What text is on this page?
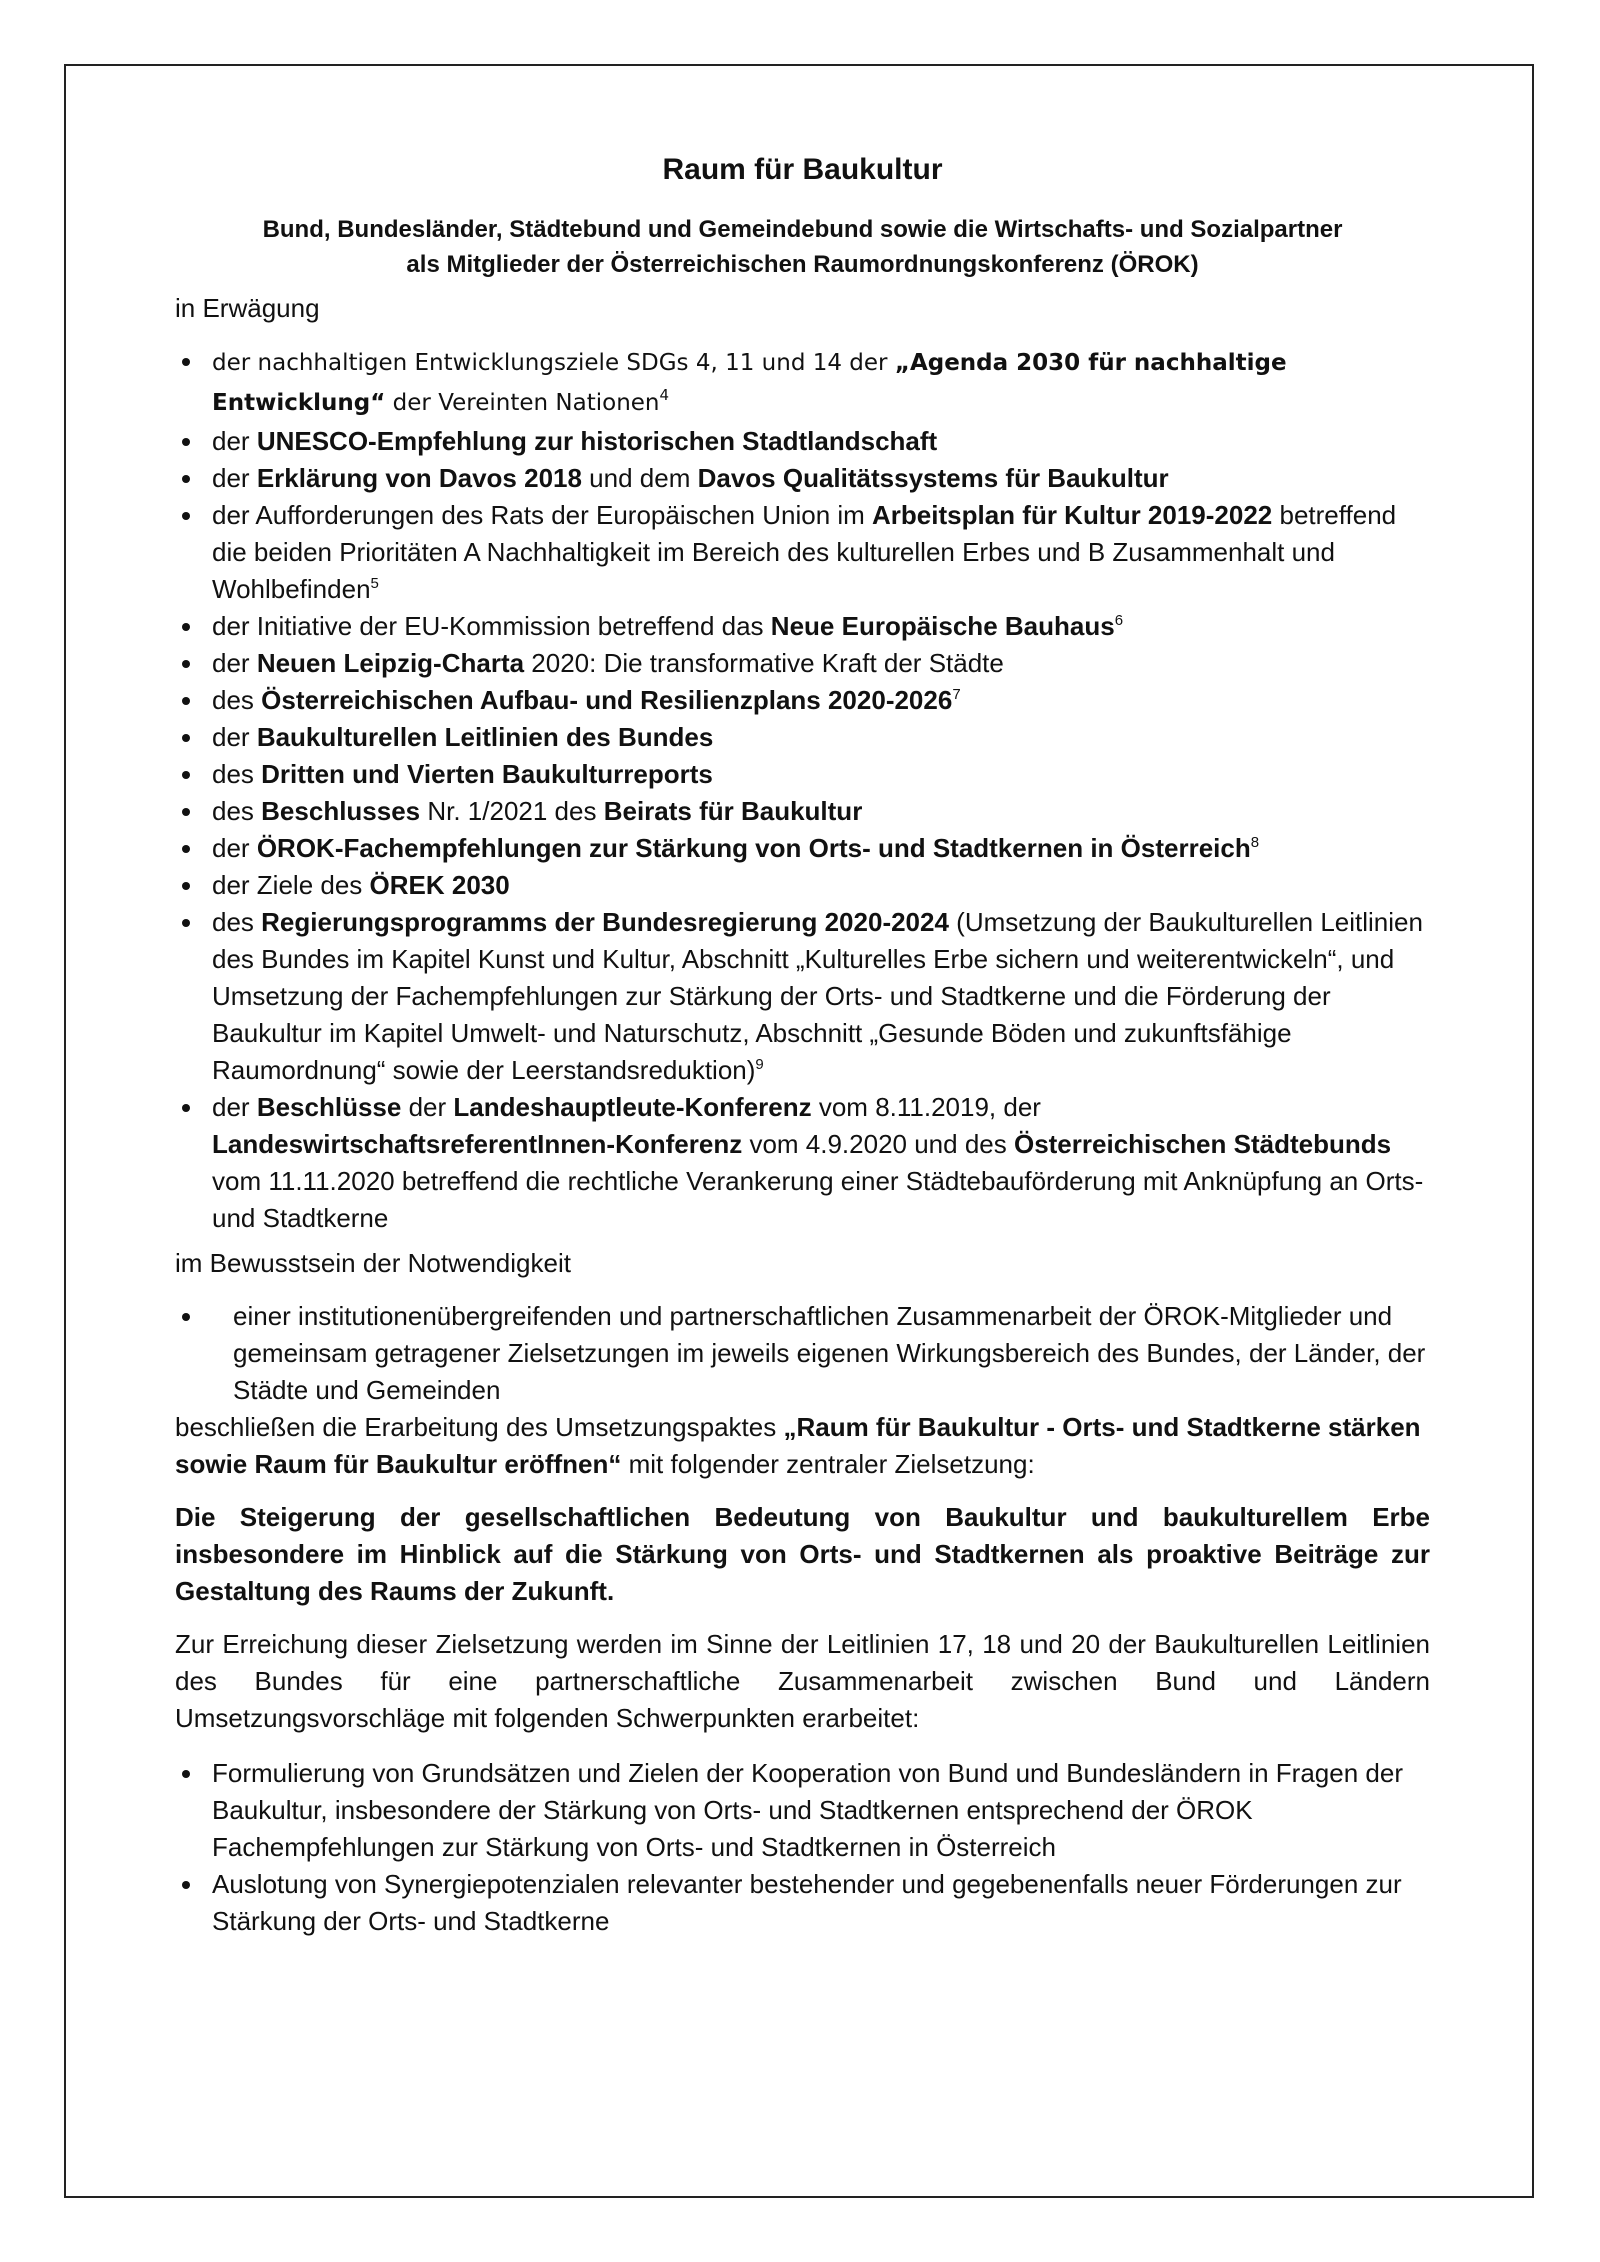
Raum für Baukultur
Bund, Bundesländer, Städtebund und Gemeindebund sowie die Wirtschafts- und Sozialpartner
als Mitglieder der Österreichischen Raumordnungskonferenz (ÖROK)

in Erwägung

der nachhaltigen Entwicklungsziele SDGs 4, 11 und 14 der „Agenda 2030 für nachhaltige Entwicklung“ der Vereinten Nationen$^4$
der UNESCO-Empfehlung zur historischen Stadtlandschaft
der Erklärung von Davos 2018 und dem Davos Qualitätssystems für Baukultur
der Aufforderungen des Rats der Europäischen Union im Arbeitsplan für Kultur 2019-2022 betreffend die beiden Prioritäten A Nachhaltigkeit im Bereich des kulturellen Erbes und B Zusammenhalt und Wohlbefinden$^5$
der Initiative der EU-Kommission betreffend das Neue Europäische Bauhaus$^6$
der Neuen Leipzig-Charta 2020: Die transformative Kraft der Städte
des Österreichischen Aufbau- und Resilienzplans 2020-2026$^7$
der Baukulturellen Leitlinien des Bundes
des Dritten und Vierten Baukulturreports
des Beschlusses Nr. 1/2021 des Beirats für Baukultur
der ÖROK-Fachempfehlungen zur Stärkung von Orts- und Stadtkernen in Österreich$^8$
der Ziele des ÖREK 2030
des Regierungsprogramms der Bundesregierung 2020-2024 (Umsetzung der Baukulturellen Leitlinien des Bundes im Kapitel Kunst und Kultur, Abschnitt „Kulturelles Erbe sichern und weiterentwickeln“, und Umsetzung der Fachempfehlungen zur Stärkung der Orts- und Stadtkerne und die Förderung der Baukultur im Kapitel Umwelt- und Naturschutz, Abschnitt „Gesunde Böden und zukunftsfähige Raumordnung“ sowie der Leerstandsreduktion)$^9$
der Beschlüsse der Landeshauptleute-Konferenz vom 8.11.2019, der LandeswirtschaftsreferentInnen-Konferenz vom 4.9.2020 und des Österreichischen Städtebunds vom 11.11.2020 betreffend die rechtliche Verankerung einer Städtebauförderung mit Anknüpfung an Orts- und Stadtkerne

im Bewusstsein der Notwendigkeit

einer institutionenübergreifenden und partnerschaftlichen Zusammenarbeit der ÖROK-Mitglieder und gemeinsam getragener Zielsetzungen im jeweils eigenen Wirkungsbereich des Bundes, der Länder, der Städte und Gemeinden

beschließen die Erarbeitung des Umsetzungspaktes „Raum für Baukultur - Orts- und Stadtkerne stärken sowie Raum für Baukultur eröffnen“ mit folgender zentraler Zielsetzung:

Die Steigerung der gesellschaftlichen Bedeutung von Baukultur und baukulturellem Erbe insbesondere im Hinblick auf die Stärkung von Orts- und Stadtkernen als proaktive Beiträge zur Gestaltung des Raums der Zukunft.

Zur Erreichung dieser Zielsetzung werden im Sinne der Leitlinien 17, 18 und 20 der Baukulturellen Leitlinien des Bundes für eine partnerschaftliche Zusammenarbeit zwischen Bund und Ländern Umsetzungsvorschläge mit folgenden Schwerpunkten erarbeitet:

Formulierung von Grundsätzen und Zielen der Kooperation von Bund und Bundesländern in Fragen der Baukultur, insbesondere der Stärkung von Orts- und Stadtkernen entsprechend der ÖROK Fachempfehlungen zur Stärkung von Orts- und Stadtkernen in Österreich
Auslotung von Synergiepotenzialen relevanter bestehender und gegebenenfalls neuer Förderungen zur Stärkung der Orts- und Stadtkerne
